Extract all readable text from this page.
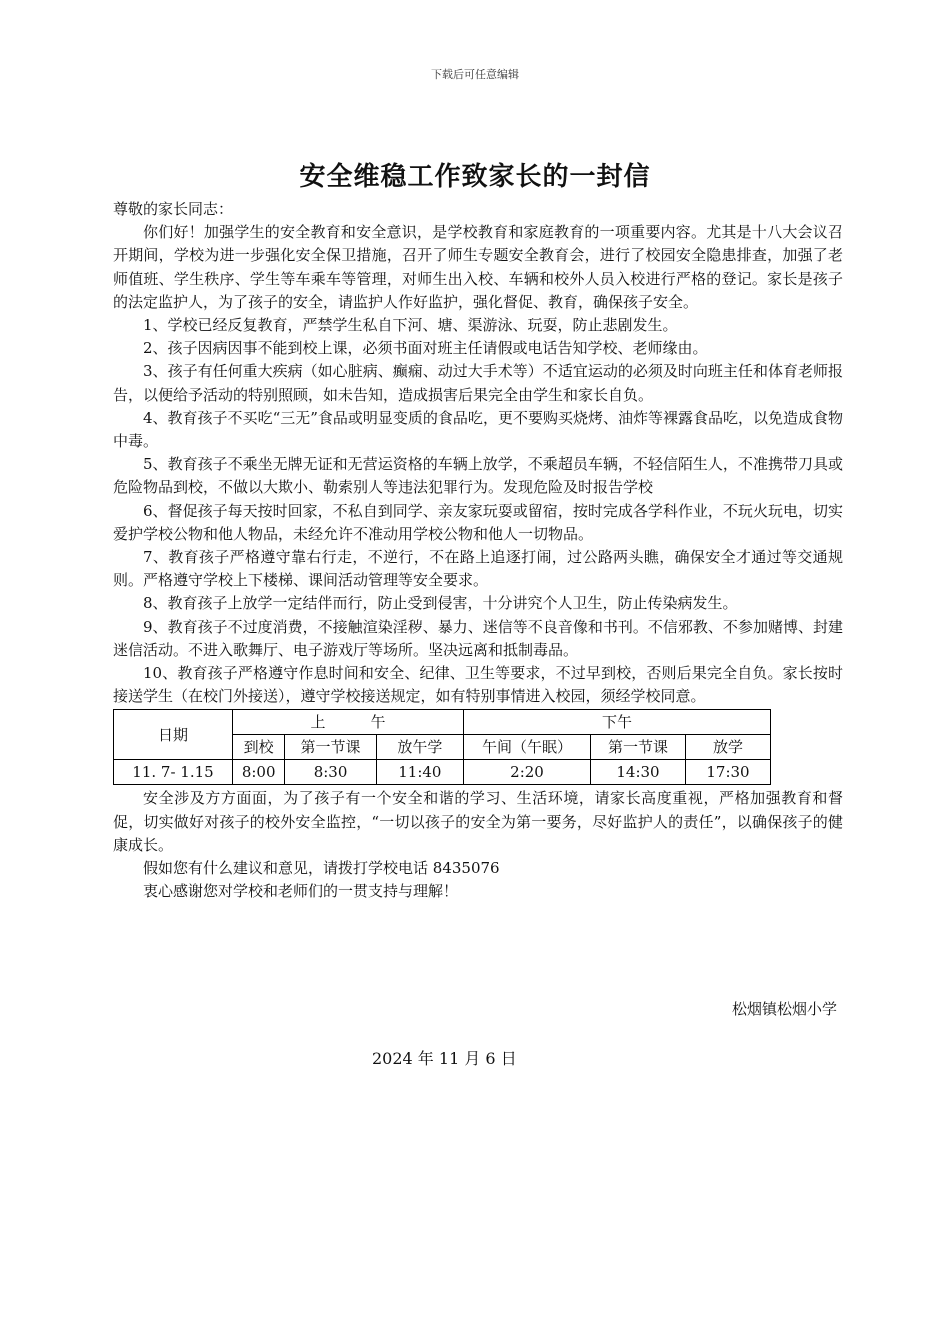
下载后可任意编辑
安全维稳工作致家长的一封信

尊敬的家长同志：

你们好！加强学生的安全教育和安全意识，是学校教育和家庭教育的一项重要内容。尤其是十八大会议召开期间，学校为进一步强化安全保卫措施，召开了师生专题安全教育会，进行了校园安全隐患排查，加强了老师值班、学生秩序、学生等车乘车等管理，对师生出入校、车辆和校外人员入校进行严格的登记。家长是孩子的法定监护人，为了孩子的安全，请监护人作好监护，强化督促、教育，确保孩子安全。

1、学校已经反复教育，严禁学生私自下河、塘、渠游泳、玩耍，防止悲剧发生。

2、孩子因病因事不能到校上课，必须书面对班主任请假或电话告知学校、老师缘由。

3、孩子有任何重大疾病（如心脏病、癫痫、动过大手术等）不适宜运动的必须及时向班主任和体育老师报告，以便给予活动的特别照顾，如未告知，造成损害后果完全由学生和家长自负。

4、教育孩子不买吃“三无”食品或明显变质的食品吃，更不要购买烧烤、油炸等裸露食品吃，以免造成食物中毒。

5、教育孩子不乘坐无牌无证和无营运资格的车辆上放学，不乘超员车辆，不轻信陌生人，不准携带刀具或危险物品到校，不做以大欺小、勒索别人等违法犯罪行为。发现危险及时报告学校

6、督促孩子每天按时回家，不私自到同学、亲友家玩耍或留宿，按时完成各学科作业，不玩火玩电，切实爱护学校公物和他人物品，未经允许不准动用学校公物和他人一切物品。

7、教育孩子严格遵守靠右行走，不逆行，不在路上追逐打闹，过公路两头瞧，确保安全才通过等交通规则。严格遵守学校上下楼梯、课间活动管理等安全要求。

8、教育孩子上放学一定结伴而行，防止受到侵害，十分讲究个人卫生，防止传染病发生。

9、教育孩子不过度消费，不接触渲染淫秽、暴力、迷信等不良音像和书刊。不信邪教、不参加赌博、封建迷信活动。不进入歌舞厅、电子游戏厅等场所。坚决远离和抵制毒品。

10、教育孩子严格遵守作息时间和安全、纪律、卫生等要求，不过早到校，否则后果完全自负。家长按时接送学生（在校门外接送），遵守学校接送规定，如有特别事情进入校园，须经学校同意。

日期	上　　　午			下午		
	到校	第一节课	放午学	午间（午眠）	第一节课	放学
11. 7- 1.15	8:00	8:30	11:40	2:20	14:30	17:30

安全涉及方方面面，为了孩子有一个安全和谐的学习、生活环境，请家长高度重视，严格加强教育和督促，切实做好对孩子的校外安全监控，“一切以孩子的安全为第一要务，尽好监护人的责任”，以确保孩子的健康成长。

假如您有什么建议和意见，请拨打学校电话 8435076

衷心感谢您对学校和老师们的一贯支持与理解！

松烟镇松烟小学
2024 年 11 月 6 日
